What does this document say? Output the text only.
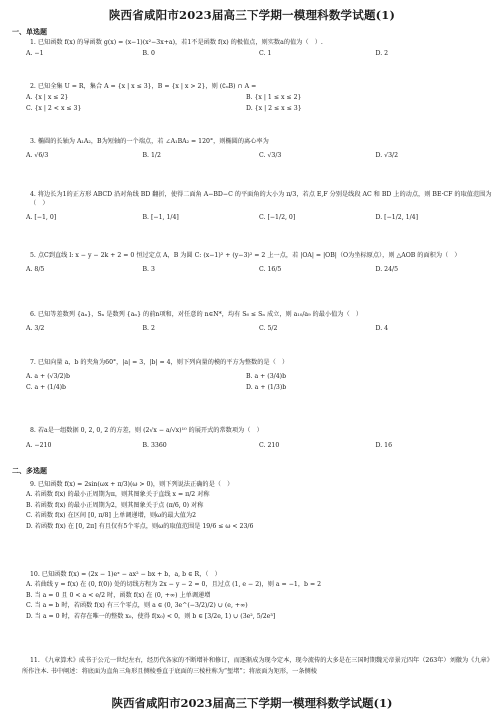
陕西省咸阳市2023届高三下学期一模理科数学试题(1)
一、单选题
1. 已知函数 f(x) 的导函数 g(x) = (x−1)(x²−3x+a)，若1不是函数 f(x) 的极值点，则实数a的值为（　）.
A. −1	B. 0	C. 1	D. 2
2. 已知全集 U = R，集合 A = {x | x ≤ 3}，B = {x | x > 2}，则 (∁ᵤB) ∩ A =
A. {x | x ≤ 2}	B. {x | 1 ≤ x ≤ 2}
C. {x | 2 < x ≤ 3}	D. {x | 2 ≤ x ≤ 3}
3. 椭圆的长轴为 A₁A₂，B为短轴的一个端点，若 ∠A₁BA₂ = 120°，则椭圆的离心率为
A. √6/3	B. 1/2	C. √3/3	D. √3/2
4. 将边长为1的正方形 ABCD 沿对角线 BD 翻折，使得二面角 A−BD−C 的平面角的大小为 π/3，若点 E,F 分别是线段 AC 和 BD 上的动点，则 BE·CF 的取值范围为（　）
A. [−1, 0]	B. [−1, 1/4]	C. [−1/2, 0]	D. [−1/2, 1/4]
5. 点C到直线 l: x − y − 2k + 2 = 0 恒过定点 A，B 为圆 C: (x−1)² + (y−3)² = 2 上一点，若 |OA| = |OB|（O为坐标原点），则 △AOB 的面积为（　）
A. 8/5	B. 3	C. 16/5	D. 24/5
6. 已知等差数列 {aₙ}，Sₙ 是数列 {aₙ} 的前n项和，对任意的 n∈N*，均有 S₆ ≤ Sₙ 成立，则 a₁₀/a₉ 的最小值为（　）
A. 3/2	B. 2	C. 5/2	D. 4
7. 已知向量 a，b 的夹角为60°，|a| = 3，|b| = 4，则下列向量的模的平方为整数的是（　）
A. a + (√3/2)b	B. a + (3/4)b
C. a + (1/4)b	D. a + (1/3)b
8. 若a是一组数据 0, 2, 0, 2 的方差，则 (2√x − a/√x)¹⁰ 的展开式的常数项为（　）
A. −210	B. 3360	C. 210	D. 16
二、多选题
9. 已知函数 f(x) = 2sin(ωx + π/3)(ω > 0)，则下列说法正确的是（　）
A. 若函数 f(x) 的最小正周期为π，则其图象关于直线 x = π/2 对称
B. 若函数 f(x) 的最小正周期为2，则其图象关于点 (π/6, 0) 对称
C. 若函数 f(x) 在区间 [0, π/8] 上单调递增，则ω的最大值为2
D. 若函数 f(x) 在 [0, 2π] 有且仅有5个零点，则ω的取值范围是 19/6 ≤ ω < 23/6
10. 已知函数 f(x) = (2x − 1)eˣ − ax² − bx + b，a, b ∈ R，（　）
A. 若曲线 y = f(x) 在 (0, f(0)) 处的切线方程为 2x − y − 2 = 0，且过点 (1, e − 2)，则 a = −1，b = 2
B. 当 a = 0 且 0 < a < e/2 时，函数 f(x) 在 (0, +∞) 上单调递增
C. 当 a = b 时，若函数 f(x) 有三个零点，则 a ∈ (0, 3e^(−3/2)/2) ∪ (e, +∞)
D. 当 a = 0 时，若存在唯一的整数 x₀，使得 f(x₀) < 0，则 b ∈ [3/2e, 1) ∪ (3e², 5/2e³]
11. 《九章算术》成书于公元一世纪左右，经历代各家的不断增补和修订，而逐渐成为现今定本，现今流传的大多是在三国时期魏元帝景元四年（263年）刘徽为《九章》所作注本. 书中阐述：将底面为直角三角形且侧棱垂直于底面的三棱柱称为“堑堵”；将底面为矩形，一条侧棱
陕西省咸阳市2023届高三下学期一模理科数学试题(1)
